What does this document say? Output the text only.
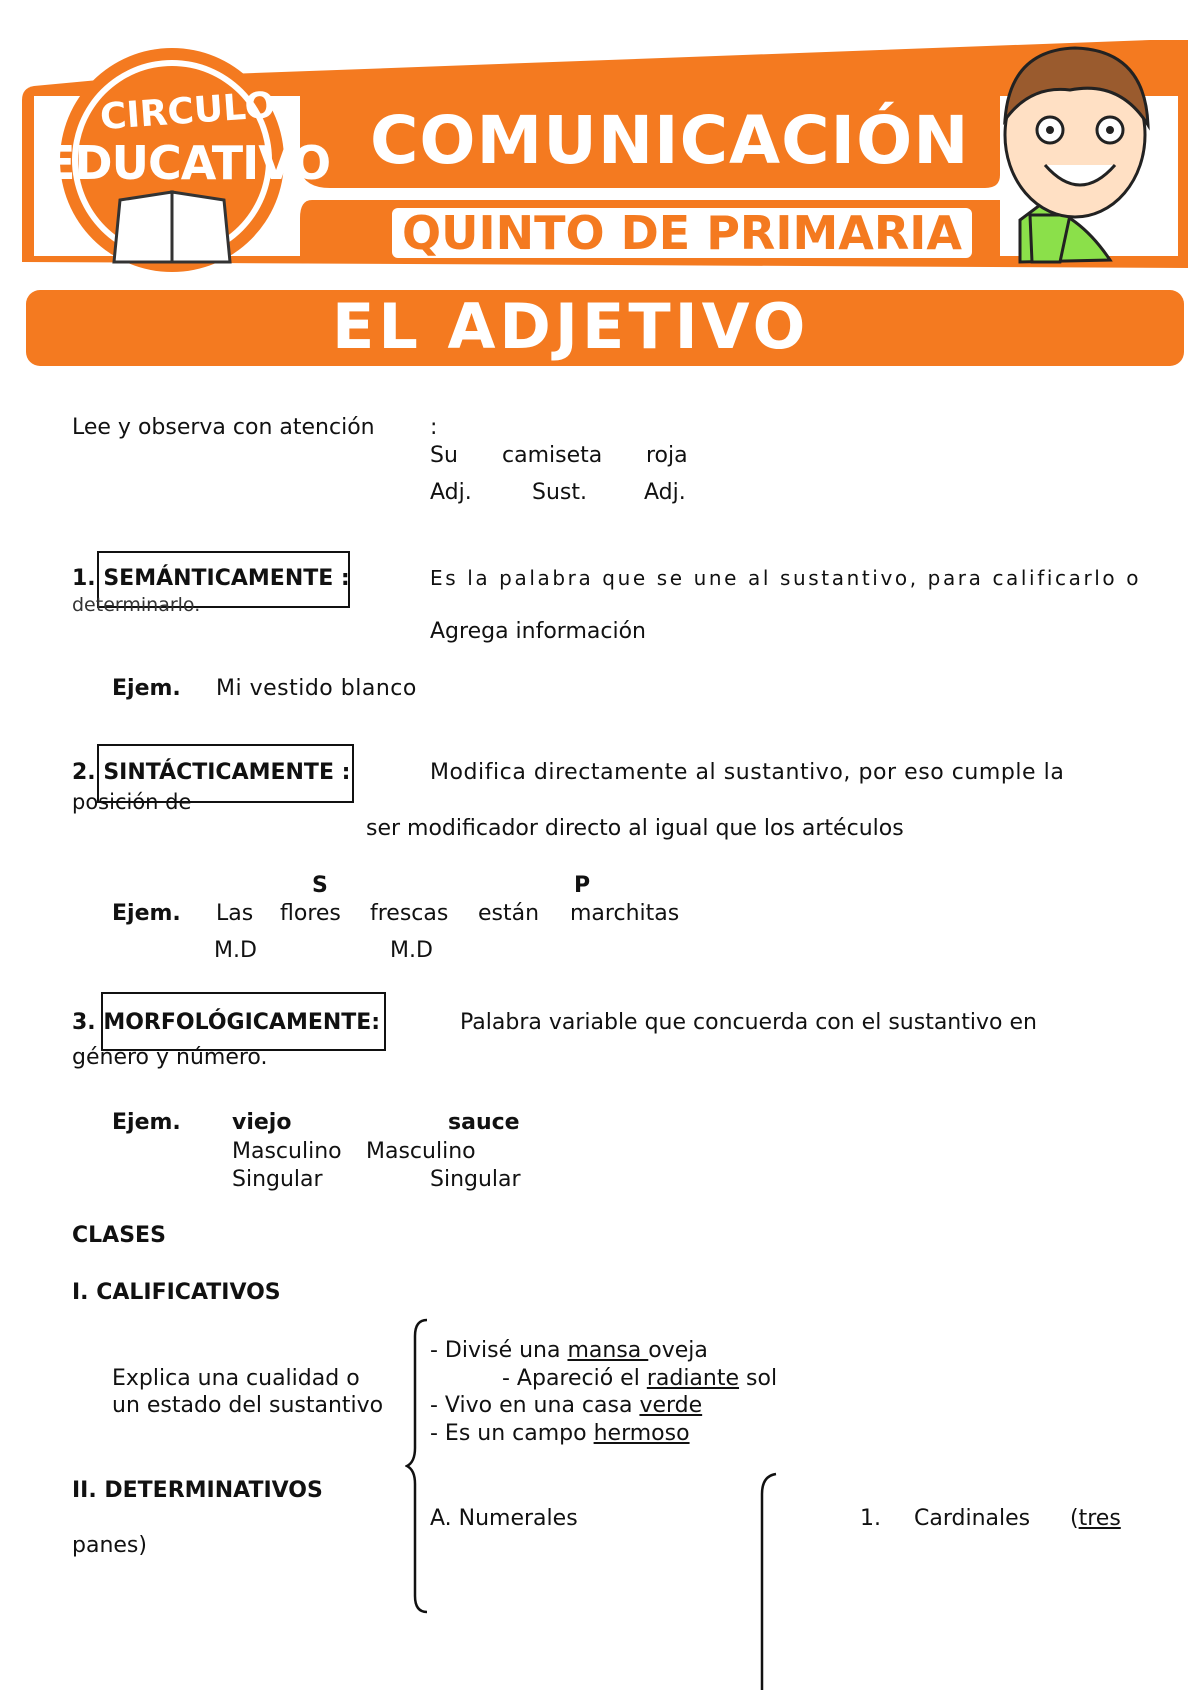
CIRCULO
EDUCATIVO COMUNICACIÓN
QUINTO DE PRIMARIA
EL ADJETIVO
Lee y observa con atención	:
Su camiseta roja
Adj.	Sust.	Adj.
1. SEMÁNTICAMENTE :	Es la palabra que se une al sustantivo, para calificarlo o
determinarlo.
Agrega información
Ejem. Mi vestido blanco
2. SINTÁCTICAMENTE :	Modifica directamente al sustantivo, por eso cumple la
posición de
ser modificador directo al igual que los artéculos
S	P
Ejem. Las flores frescas están marchitas
M.D	M.D
3. MORFOLÓGICAMENTE:	Palabra variable que concuerda con el sustantivo en
género y número.
Ejem. viejo	sauce
Masculino Masculino
Singular	Singular
CLASES
I. CALIFICATIVOS
Explica una cualidad o
un estado del sustantivo
- Divisé una mansa oveja
- Apareció el radiante sol
- Vivo en una casa verde
- Es un campo hermoso
II. DETERMINATIVOS
A. Numerales	1. Cardinales (tres
panes)
